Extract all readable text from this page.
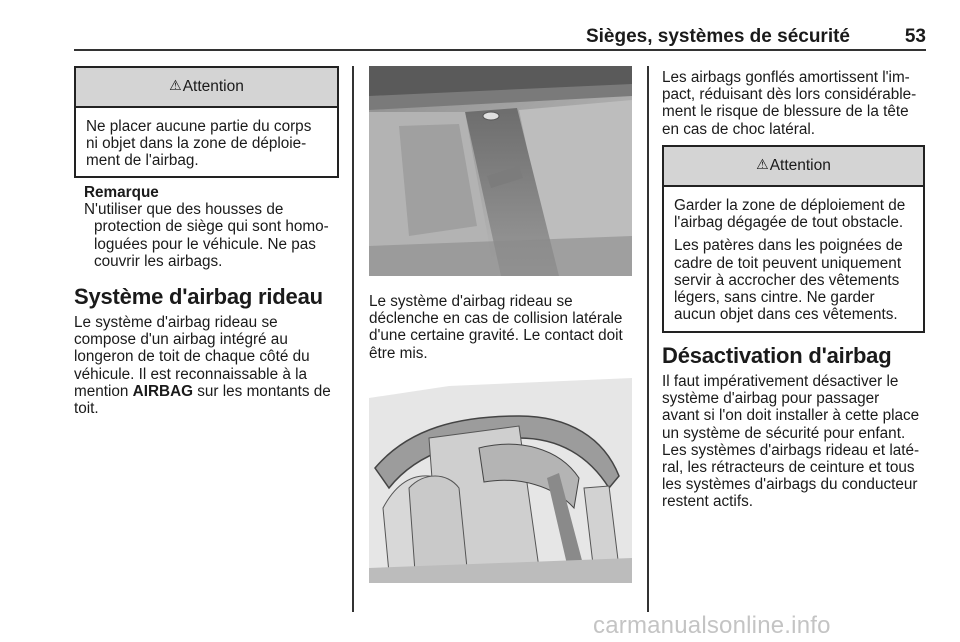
Sièges, systèmes de sécurité	53
⚠ Attention

Ne placer aucune partie du corps
ni objet dans la zone de déploie-
ment de l'airbag.

Remarque
N'utiliser que des housses de
protection de siège qui sont homo-
loguées pour le véhicule. Ne pas
couvrir les airbags.
Système d'airbag rideau
Le système d'airbag rideau se
compose d'un airbag intégré au
longeron de toit de chaque côté du
véhicule. Il est reconnaissable à la
mention AIRBAG sur les montants de
toit.
Le système d'airbag rideau se
déclenche en cas de collision latérale
d'une certaine gravité. Le contact doit
être mis.
Les airbags gonflés amortissent l'im-
pact, réduisant dès lors considérable-
ment le risque de blessure de la tête
en cas de choc latéral.
⚠ Attention

Garder la zone de déploiement de
l'airbag dégagée de tout obstacle.

Les patères dans les poignées de
cadre de toit peuvent uniquement
servir à accrocher des vêtements
légers, sans cintre. Ne garder
aucun objet dans ces vêtements.

Désactivation d'airbag
Il faut impérativement désactiver le
système d'airbag pour passager
avant si l'on doit installer à cette place
un système de sécurité pour enfant.
Les systèmes d'airbags rideau et laté-
ral, les rétracteurs de ceinture et tous
les systèmes d'airbags du conducteur
restent actifs.
carmanualsonline.info
